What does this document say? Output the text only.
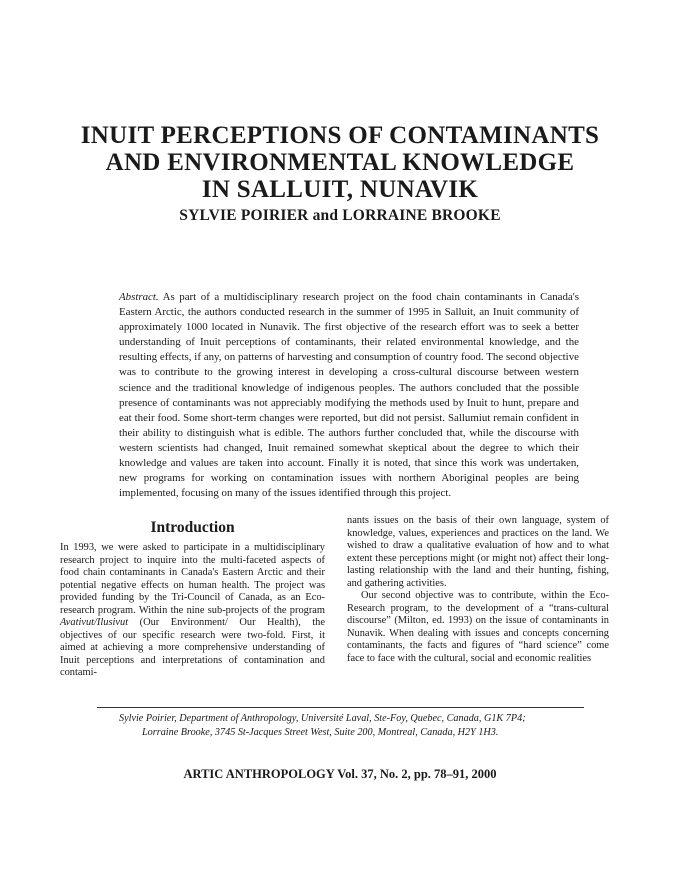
INUIT PERCEPTIONS OF CONTAMINANTS
AND ENVIRONMENTAL KNOWLEDGE
IN SALLUIT, NUNAVIK
SYLVIE POIRIER and LORRAINE BROOKE

Abstract. As part of a multidisciplinary research project on the food chain contaminants in Canada's Eastern Arctic, the authors conducted research in the summer of 1995 in Salluit, an Inuit community of approximately 1000 located in Nunavik. The first objective of the research effort was to seek a better understanding of Inuit perceptions of contaminants, their related environmental knowledge, and the resulting effects, if any, on patterns of harvesting and consumption of country food. The second objective was to contribute to the growing interest in developing a cross-cultural discourse between western science and the traditional knowledge of indigenous peoples. The authors concluded that the possible presence of contaminants was not appreciably modifying the methods used by Inuit to hunt, prepare and eat their food. Some short-term changes were reported, but did not persist. Sallumiut remain confident in their ability to distinguish what is edible. The authors further concluded that, while the discourse with western scientists had changed, Inuit remained somewhat skeptical about the degree to which their knowledge and values are taken into account. Finally it is noted, that since this work was undertaken, new programs for working on contamination issues with northern Aboriginal peoples are being implemented, focusing on many of the issues identified through this project.

Introduction

In 1993, we were asked to participate in a multidisciplinary research project to inquire into the multi-faceted aspects of food chain contaminants in Canada's Eastern Arctic and their potential negative effects on human health. The project was provided funding by the Tri-Council of Canada, as an Eco-research program. Within the nine sub-projects of the program Avativut/Ilusivut (Our Environment/ Our Health), the objectives of our specific research were two-fold. First, it aimed at achieving a more comprehensive understanding of Inuit perceptions and interpretations of contamination and contami-

nants issues on the basis of their own language, system of knowledge, values, experiences and practices on the land. We wished to draw a qualitative evaluation of how and to what extent these perceptions might (or might not) affect their long-lasting relationship with the land and their hunting, fishing, and gathering activities.

Our second objective was to contribute, within the Eco-Research program, to the development of a “trans-cultural discourse” (Milton, ed. 1993) on the issue of contaminants in Nunavik. When dealing with issues and concepts concerning contaminants, the facts and figures of “hard science” come face to face with the cultural, social and economic realities

Sylvie Poirier, Department of Anthropology, Université Laval, Ste-Foy, Quebec, Canada, G1K 7P4;
Lorraine Brooke, 3745 St-Jacques Street West, Suite 200, Montreal, Canada, H2Y 1H3.
ARTIC ANTHROPOLOGY Vol. 37, No. 2, pp. 78–91, 2000
